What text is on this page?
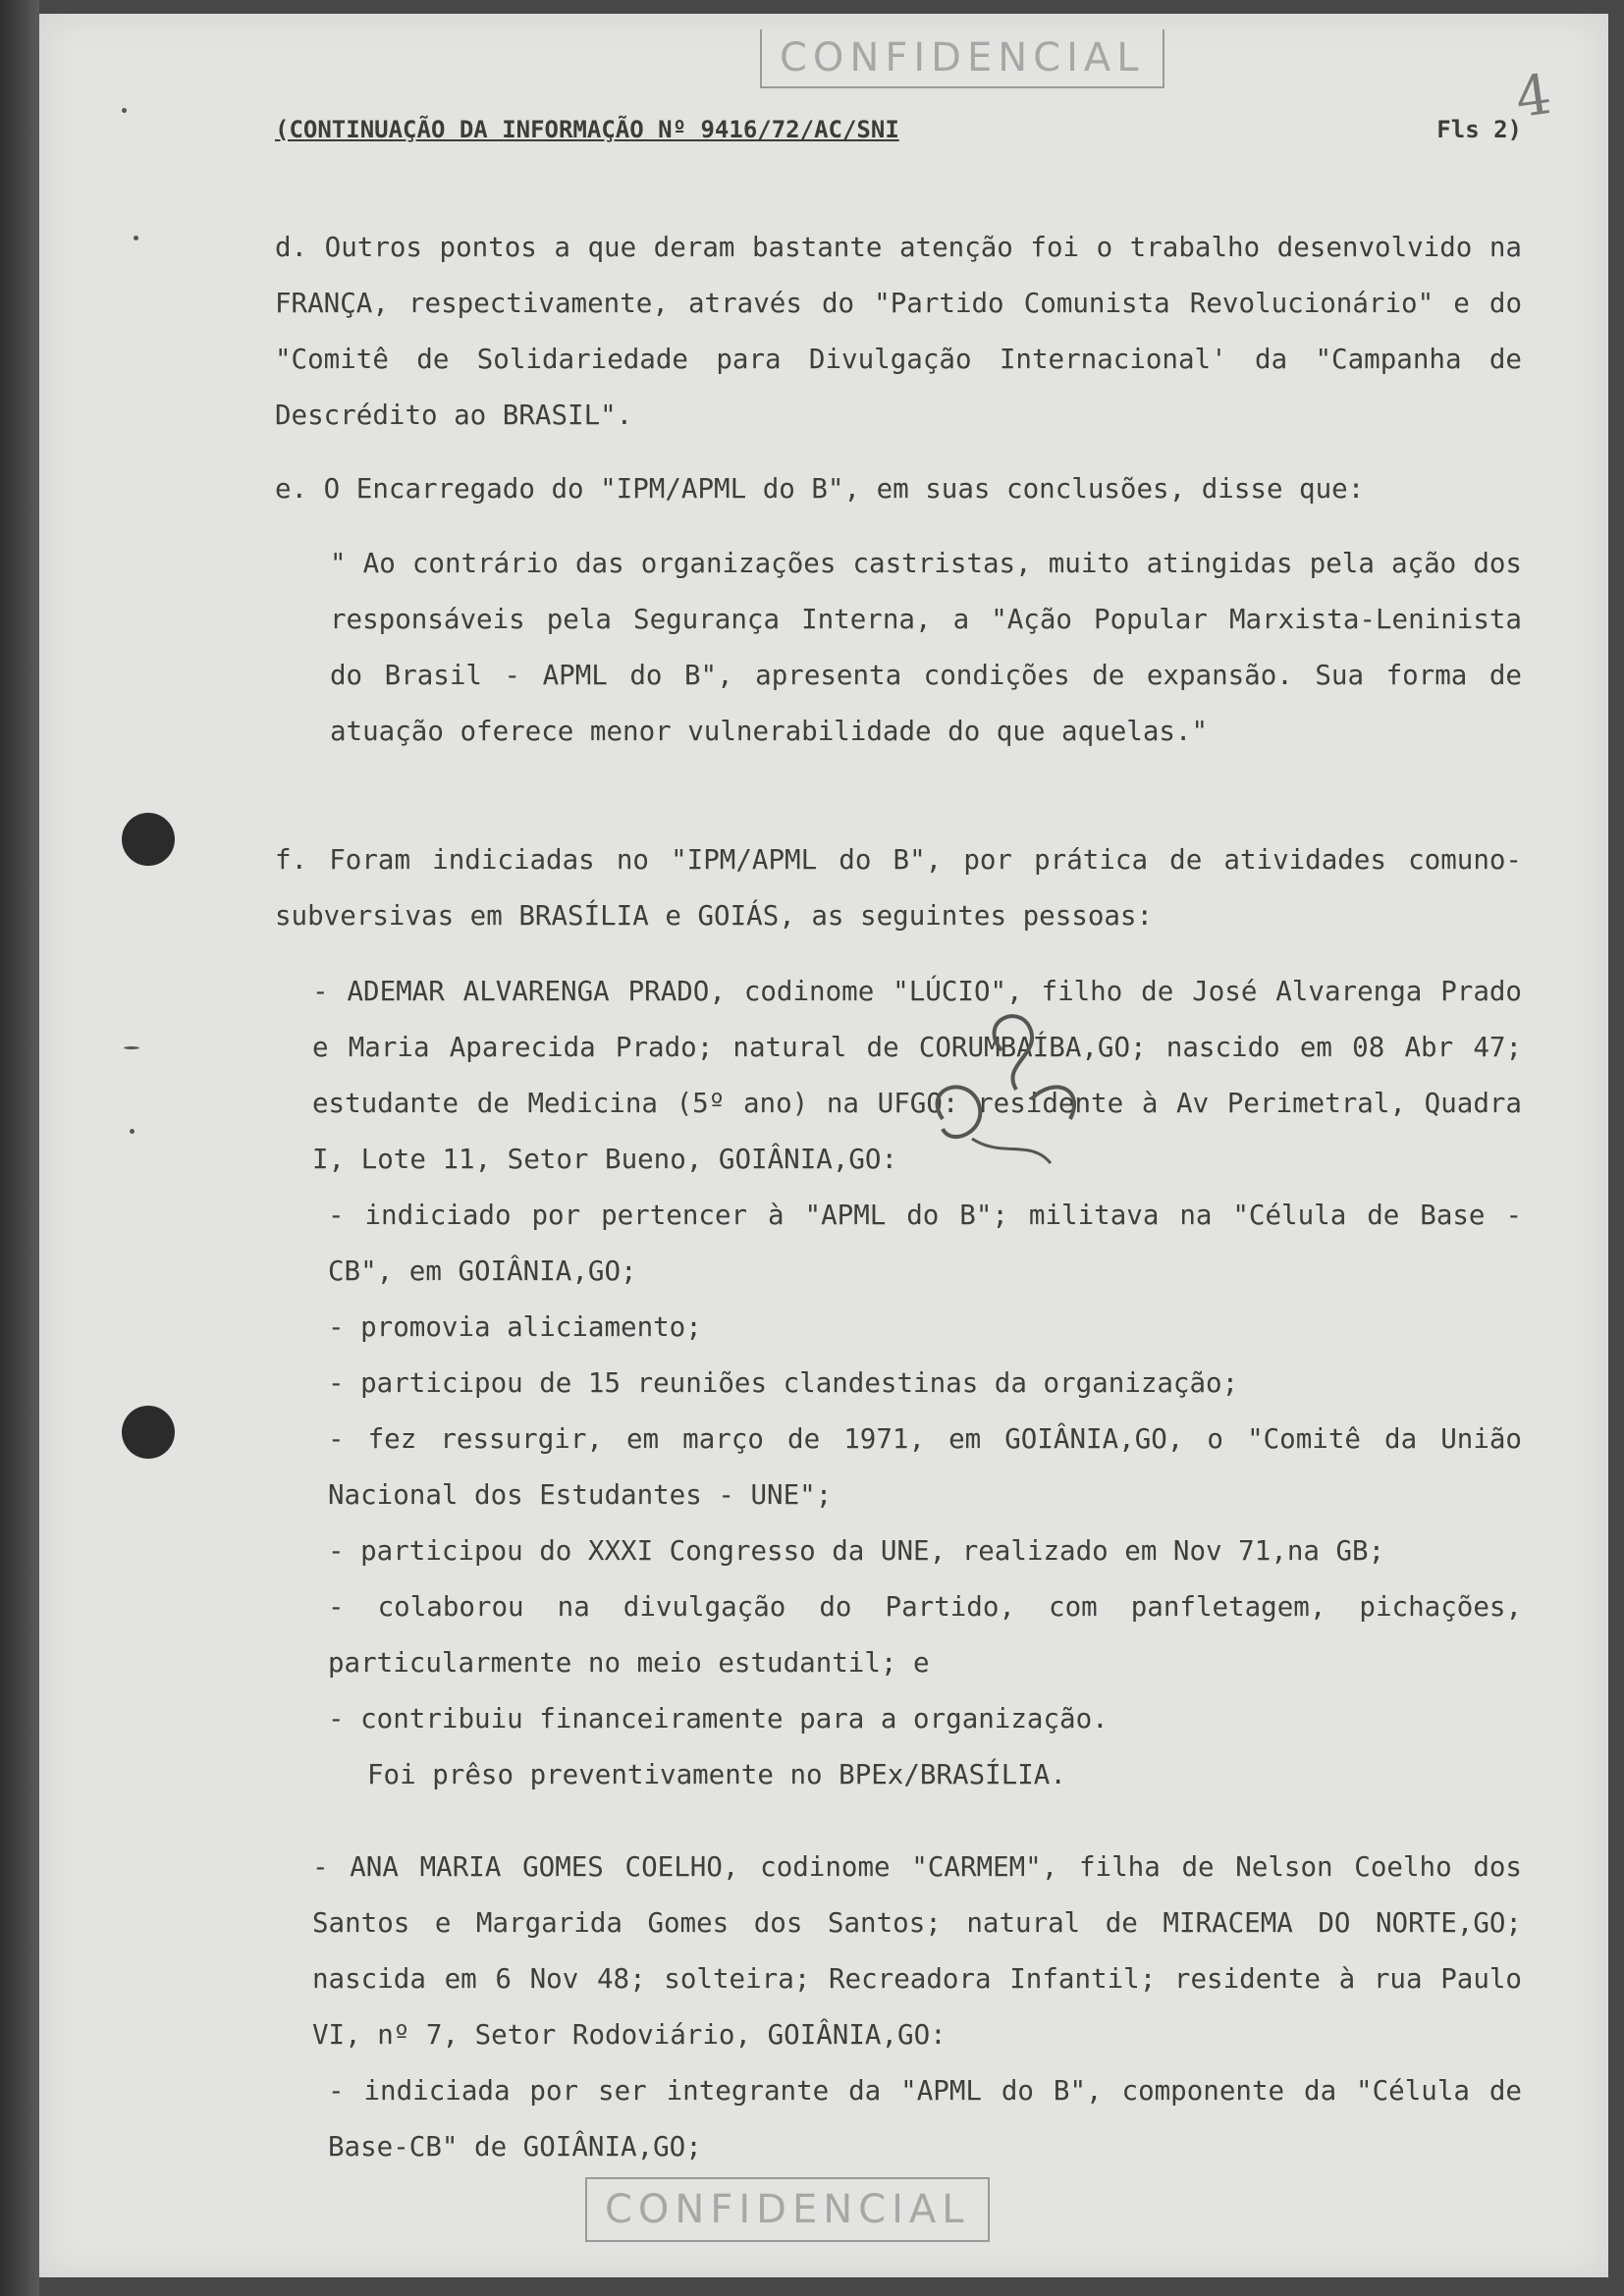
CONFIDENCIAL
4
(CONTINUAÇÃO DA INFORMAÇÃO Nº 9416/72/AC/SNI	Fls 2)

d. Outros pontos a que deram bastante atenção foi o trabalho desenvolvido na FRANÇA, respectivamente, através do "Partido Comunista Revolucionário" e do "Comitê de Solidariedade para Divulgação Internacional' da "Campanha de Descrédito ao BRASIL".

e. O Encarregado do "IPM/APML do B", em suas conclusões, disse que:

" Ao contrário das organizações castristas, muito atingidas pela ação dos responsáveis pela Segurança Interna, a "Ação Popular Marxista-Leninista do Brasil - APML do B", apresenta condições de expansão. Sua forma de atuação oferece menor vulnerabilidade do que aquelas."

f. Foram indiciadas no "IPM/APML do B", por prática de atividades comuno-subversivas em BRASÍLIA e GOIÁS, as seguintes pessoas:

- ADEMAR ALVARENGA PRADO, codinome "LÚCIO", filho de José Alvarenga Prado e Maria Aparecida Prado; natural de CORUMBAÍBA,GO; nascido em 08 Abr 47; estudante de Medicina (5º ano) na UFGO: residente à Av Perimetral, Quadra I, Lote 11, Setor Bueno, GOIÂNIA,GO:

- indiciado por pertencer à "APML do B"; militava na "Célula de Base - CB", em GOIÂNIA,GO;
- promovia aliciamento;
- participou de 15 reuniões clandestinas da organização;
- fez ressurgir, em março de 1971, em GOIÂNIA,GO, o "Comitê da União Nacional dos Estudantes - UNE";
- participou do XXXI Congresso da UNE, realizado em Nov 71,na GB;
- colaborou na divulgação do Partido, com panfletagem, pichações, particularmente no meio estudantil; e
- contribuiu financeiramente para a organização.

Foi prêso preventivamente no BPEx/BRASÍLIA.

- ANA MARIA GOMES COELHO, codinome "CARMEM", filha de Nelson Coelho dos Santos e Margarida Gomes dos Santos; natural de MIRACEMA DO NORTE,GO; nascida em 6 Nov 48; solteira; Recreadora Infantil; residente à rua Paulo VI, nº 7, Setor Rodoviário, GOIÂNIA,GO:

- indiciada por ser integrante da "APML do B", componente da "Célula de Base-CB" de GOIÂNIA,GO;

CONFIDENCIAL
